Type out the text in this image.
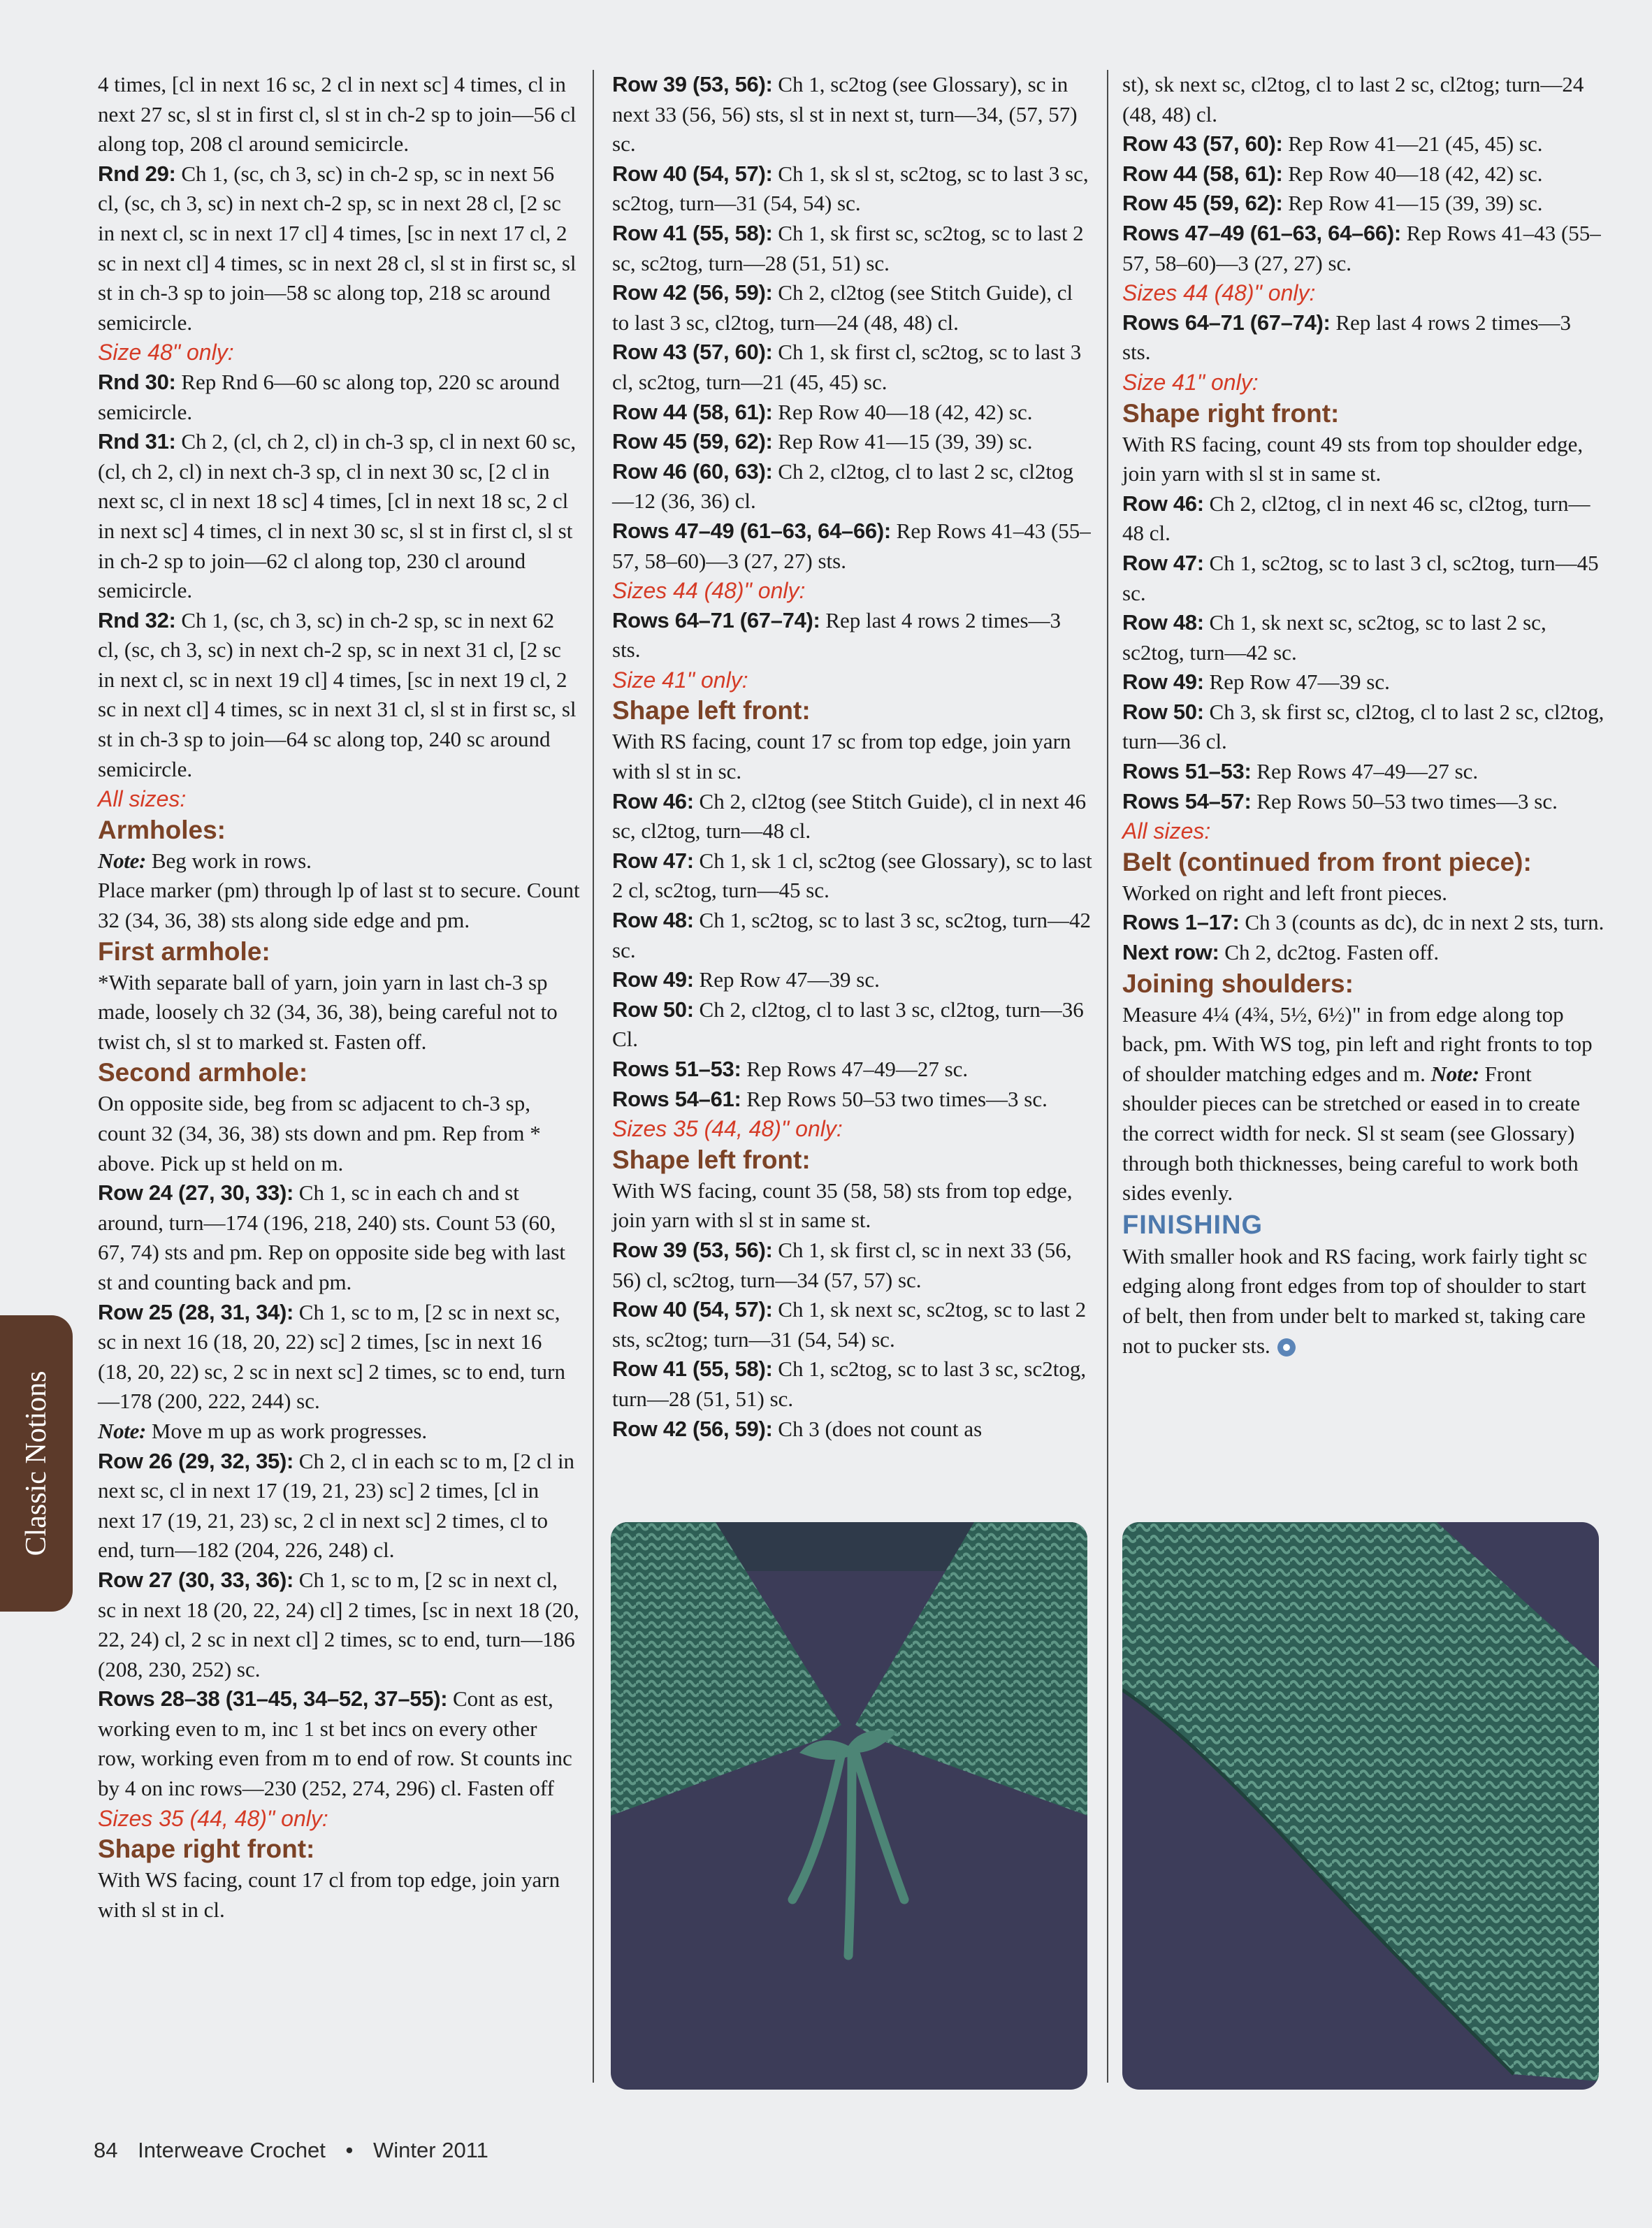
4 times, [cl in next 16 sc, 2 cl in next sc] 4 times, cl in next 27 sc, sl st in first cl, sl st in ch-2 sp to join—56 cl along top, 208 cl around semicircle.

Rnd 29: Ch 1, (sc, ch 3, sc) in ch-2 sp, sc in next 56 cl, (sc, ch 3, sc) in next ch-2 sp, sc in next 28 cl, [2 sc in next cl, sc in next 17 cl] 4 times, [sc in next 17 cl, 2 sc in next cl] 4 times, sc in next 28 cl, sl st in first sc, sl st in ch-3 sp to join—58 sc along top, 218 sc around semicircle.

Size 48" only:

Rnd 30: Rep Rnd 6—60 sc along top, 220 sc around semicircle.

Rnd 31: Ch 2, (cl, ch 2, cl) in ch-3 sp, cl in next 60 sc, (cl, ch 2, cl) in next ch-3 sp, cl in next 30 sc, [2 cl in next sc, cl in next 18 sc] 4 times, [cl in next 18 sc, 2 cl in next sc] 4 times, cl in next 30 sc, sl st in first cl, sl st in ch-2 sp to join—62 cl along top, 230 cl around semicircle.

Rnd 32: Ch 1, (sc, ch 3, sc) in ch-2 sp, sc in next 62 cl, (sc, ch 3, sc) in next ch-2 sp, sc in next 31 cl, [2 sc in next cl, sc in next 19 cl] 4 times, [sc in next 19 cl, 2 sc in next cl] 4 times, sc in next 31 cl, sl st in first sc, sl st in ch-3 sp to join—64 sc along top, 240 sc around semicircle.

All sizes:

Armholes:

Note: Beg work in rows.

Place marker (pm) through lp of last st to secure. Count 32 (34, 36, 38) sts along side edge and pm.

First armhole:

*With separate ball of yarn, join yarn in last ch-3 sp made, loosely ch 32 (34, 36, 38), being careful not to twist ch, sl st to marked st. Fasten off.

Second armhole:

On opposite side, beg from sc adjacent to ch-3 sp, count 32 (34, 36, 38) sts down and pm. Rep from * above. Pick up st held on m.

Row 24 (27, 30, 33): Ch 1, sc in each ch and st around, turn—174 (196, 218, 240) sts. Count 53 (60, 67, 74) sts and pm. Rep on opposite side beg with last st and counting back and pm.

Row 25 (28, 31, 34): Ch 1, sc to m, [2 sc in next sc, sc in next 16 (18, 20, 22) sc] 2 times, [sc in next 16 (18, 20, 22) sc, 2 sc in next sc] 2 times, sc to end, turn—178 (200, 222, 244) sc.

Note: Move m up as work progresses.

Row 26 (29, 32, 35): Ch 2, cl in each sc to m, [2 cl in next sc, cl in next 17 (19, 21, 23) sc] 2 times, [cl in next 17 (19, 21, 23) sc, 2 cl in next sc] 2 times, cl to end, turn—182 (204, 226, 248) cl.

Row 27 (30, 33, 36): Ch 1, sc to m, [2 sc in next cl, sc in next 18 (20, 22, 24) cl] 2 times, [sc in next 18 (20, 22, 24) cl, 2 sc in next cl] 2 times, sc to end, turn—186 (208, 230, 252) sc.

Rows 28–38 (31–45, 34–52, 37–55): Cont as est, working even to m, inc 1 st bet incs on every other row, working even from m to end of row. St counts inc by 4 on inc rows—230 (252, 274, 296) cl. Fasten off

Sizes 35 (44, 48)" only:

Shape right front:

With WS facing, count 17 cl from top edge, join yarn with sl st in cl.

Row 39 (53, 56): Ch 1, sc2tog (see Glossary), sc in next 33 (56, 56) sts, sl st in next st, turn—34, (57, 57) sc.

Row 40 (54, 57): Ch 1, sk sl st, sc2tog, sc to last 3 sc, sc2tog, turn—31 (54, 54) sc.

Row 41 (55, 58): Ch 1, sk first sc, sc2tog, sc to last 2 sc, sc2tog, turn—28 (51, 51) sc.

Row 42 (56, 59): Ch 2, cl2tog (see Stitch Guide), cl to last 3 sc, cl2tog, turn—24 (48, 48) cl.

Row 43 (57, 60): Ch 1, sk first cl, sc2tog, sc to last 3 cl, sc2tog, turn—21 (45, 45) sc.

Row 44 (58, 61): Rep Row 40—18 (42, 42) sc.

Row 45 (59, 62): Rep Row 41—15 (39, 39) sc.

Row 46 (60, 63): Ch 2, cl2tog, cl to last 2 sc, cl2tog—12 (36, 36) cl.

Rows 47–49 (61–63, 64–66): Rep Rows 41–43 (55–57, 58–60)—3 (27, 27) sts.

Sizes 44 (48)" only:

Rows 64–71 (67–74): Rep last 4 rows 2 times—3 sts.

Size 41" only:

Shape left front:

With RS facing, count 17 sc from top edge, join yarn with sl st in sc.

Row 46: Ch 2, cl2tog (see Stitch Guide), cl in next 46 sc, cl2tog, turn—48 cl.

Row 47: Ch 1, sk 1 cl, sc2tog (see Glossary), sc to last 2 cl, sc2tog, turn—45 sc.

Row 48: Ch 1, sc2tog, sc to last 3 sc, sc2tog, turn—42 sc.

Row 49: Rep Row 47—39 sc.

Row 50: Ch 2, cl2tog, cl to last 3 sc, cl2tog, turn—36 Cl.

Rows 51–53: Rep Rows 47–49—27 sc.

Rows 54–61: Rep Rows 50–53 two times—3 sc.

Sizes 35 (44, 48)" only:

Shape left front:

With WS facing, count 35 (58, 58) sts from top edge, join yarn with sl st in same st.

Row 39 (53, 56): Ch 1, sk first cl, sc in next 33 (56, 56) cl, sc2tog, turn—34 (57, 57) sc.

Row 40 (54, 57): Ch 1, sk next sc, sc2tog, sc to last 2 sts, sc2tog; turn—31 (54, 54) sc.

Row 41 (55, 58): Ch 1, sc2tog, sc to last 3 sc, sc2tog, turn—28 (51, 51) sc.

Row 42 (56, 59): Ch 3 (does not count as

st), sk next sc, cl2tog, cl to last 2 sc, cl2tog; turn—24 (48, 48) cl.

Row 43 (57, 60): Rep Row 41—21 (45, 45) sc.

Row 44 (58, 61): Rep Row 40—18 (42, 42) sc.

Row 45 (59, 62): Rep Row 41—15 (39, 39) sc.

Rows 47–49 (61–63, 64–66): Rep Rows 41–43 (55–57, 58–60)—3 (27, 27) sc.

Sizes 44 (48)" only:

Rows 64–71 (67–74): Rep last 4 rows 2 times—3 sts.

Size 41" only:

Shape right front:

With RS facing, count 49 sts from top shoulder edge, join yarn with sl st in same st.

Row 46: Ch 2, cl2tog, cl in next 46 sc, cl2tog, turn—48 cl.

Row 47: Ch 1, sc2tog, sc to last 3 cl, sc2tog, turn—45 sc.

Row 48: Ch 1, sk next sc, sc2tog, sc to last 2 sc, sc2tog, turn—42 sc.

Row 49: Rep Row 47—39 sc.

Row 50: Ch 3, sk first sc, cl2tog, cl to last 2 sc, cl2tog, turn—36 cl.

Rows 51–53: Rep Rows 47–49—27 sc.

Rows 54–57: Rep Rows 50–53 two times—3 sc.

All sizes:

Belt (continued from front piece):

Worked on right and left front pieces.

Rows 1–17: Ch 3 (counts as dc), dc in next 2 sts, turn.

Next row: Ch 2, dc2tog. Fasten off.

Joining shoulders:

Measure 4¼ (4¾, 5½, 6½)" in from edge along top back, pm. With WS tog, pin left and right fronts to top of shoulder matching edges and m. Note: Front shoulder pieces can be stretched or eased in to create the correct width for neck. Sl st seam (see Glossary) through both thicknesses, being careful to work both sides evenly.

FINISHING

With smaller hook and RS facing, work fairly tight sc edging along front edges from top of shoulder to start of belt, then from under belt to marked st, taking care not to pucker sts.

Classic Notions
84 Interweave Crochet • Winter 2011
